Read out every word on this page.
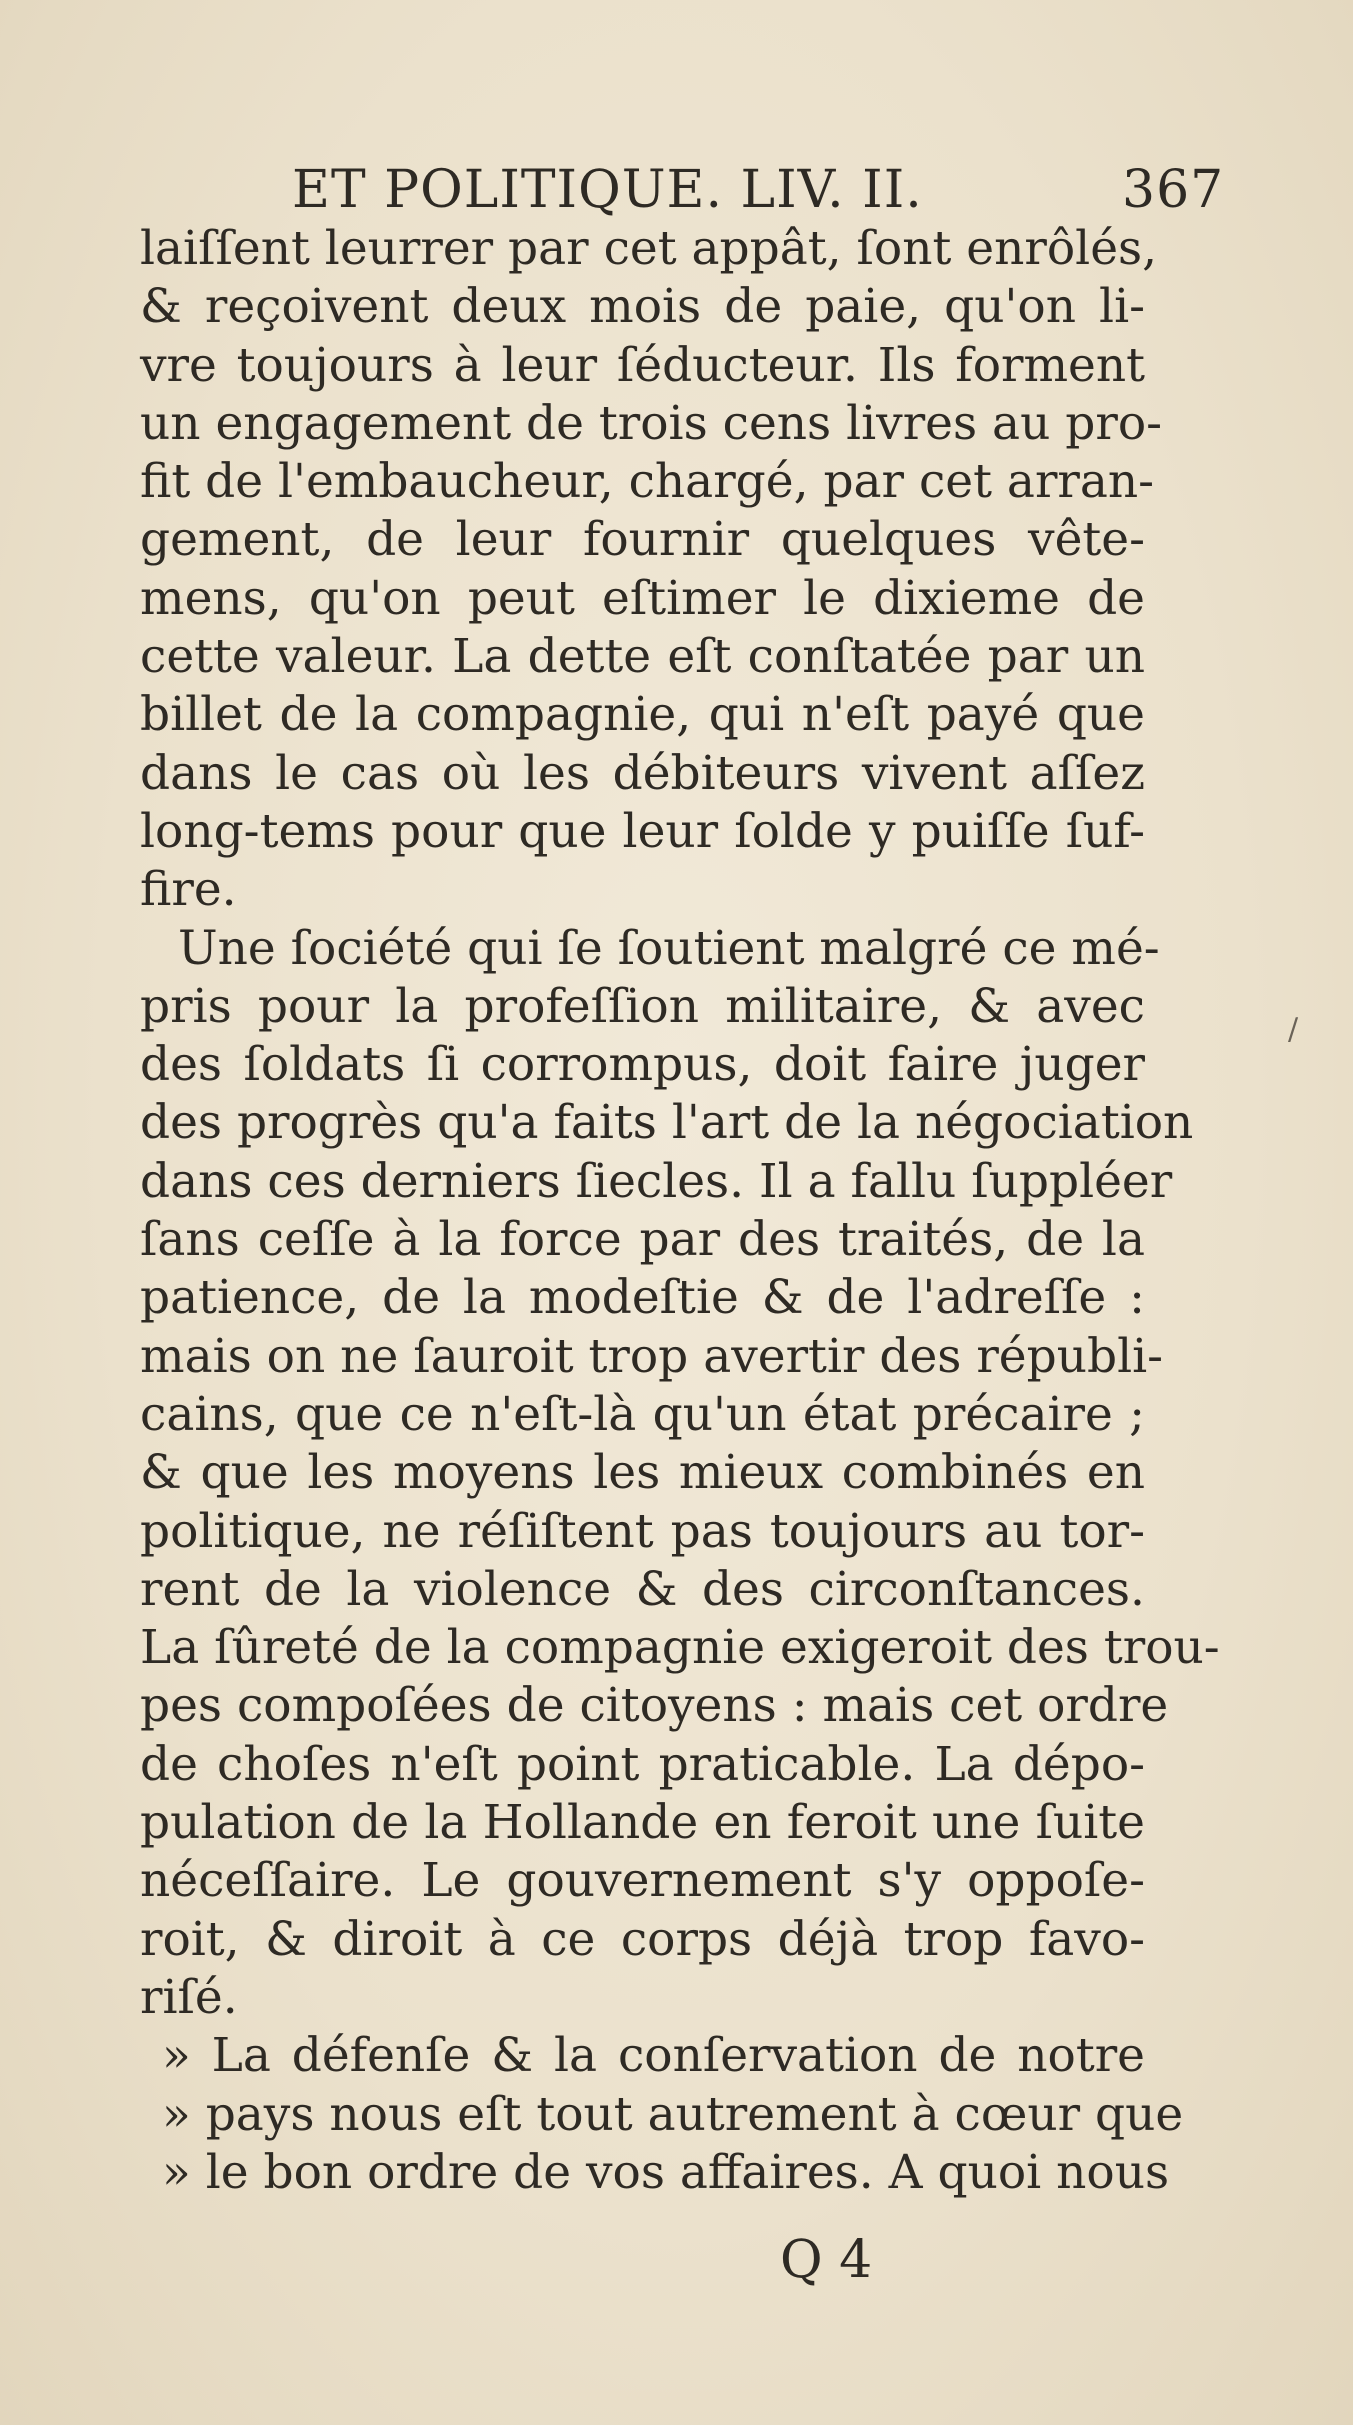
ET POLITIQUE. LIV. II.	367
laiſſent leurrer par cet appât, ſont enrôlés,
& reçoivent deux mois de paie, qu'on li-
vre toujours à leur ſéducteur. Ils forment
un engagement de trois cens livres au pro-
fit de l'embaucheur, chargé, par cet arran-
gement, de leur fournir quelques vête-
mens, qu'on peut eſtimer le dixieme de
cette valeur. La dette eſt conſtatée par un
billet de la compagnie, qui n'eſt payé que
dans le cas où les débiteurs vivent aſſez
long-tems pour que leur ſolde y puiſſe ſuf-
fire.
Une ſociété qui ſe ſoutient malgré ce mé-
pris pour la profeſſion militaire, & avec
des ſoldats ſi corrompus, doit faire juger
des progrès qu'a faits l'art de la négociation
dans ces derniers ſiecles. Il a fallu ſuppléer
ſans ceſſe à la force par des traités, de la
patience, de la modeſtie & de l'adreſſe :
mais on ne ſauroit trop avertir des républi-
cains, que ce n'eſt-là qu'un état précaire ;
& que les moyens les mieux combinés en
politique, ne réſiſtent pas toujours au tor-
rent de la violence & des circonſtances.
La ſûreté de la compagnie exigeroit des trou-
pes compoſées de citoyens : mais cet ordre
de choſes n'eſt point praticable. La dépo-
pulation de la Hollande en feroit une ſuite
néceſſaire. Le gouvernement s'y oppoſe-
roit, & diroit à ce corps déjà trop favo-
riſé.
» La défenſe & la conſervation de notre
» pays nous eſt tout autrement à cœur que
» le bon ordre de vos affaires. A quoi nous
/
Q 4
